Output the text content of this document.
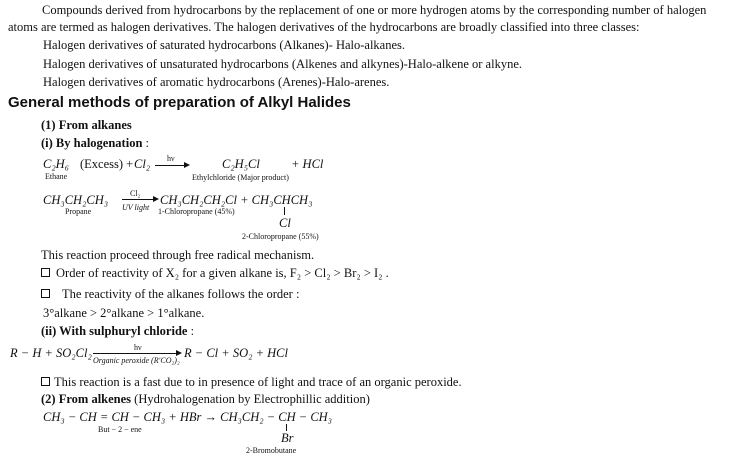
Compounds derived from hydrocarbons by the replacement of one or more hydrogen atoms by the corresponding number of halogen atoms are termed as halogen derivatives. The halogen derivatives of the hydrocarbons are broadly classified into three classes:
Halogen derivatives of saturated hydrocarbons (Alkanes)- Halo-alkanes.
Halogen derivatives of unsaturated hydrocarbons (Alkenes and alkynes)-Halo-alkene or alkyne.
Halogen derivatives of aromatic hydrocarbons (Arenes)-Halo-arenes.
General methods of preparation of Alkyl Halides
(1) From alkanes
(i) By halogenation :
C₂H₆ (Excess) + Cl₂ hν	C₂H₅Cl + HCl
Ethane	Ethylchloride (Major product)
CH₃CH₂CH₃	Cl₂
UV light
CH₃CH₂CH₂Cl + CH₃CHCH₃
Propane	1-Chloropropane (45%)
Cl
2-Chloropropane (55%)
This reaction proceed through free radical mechanism.
Order of reactivity of X₂ for a given alkane is, F₂ > Cl₂ > Br₂ > I₂ .
The reactivity of the alkanes follows the order :
3°alkane > 2°alkane > 1°alkane.
(ii) With sulphuryl chloride :
R − H + SO₂Cl₂	hν
Organic peroxide (R′CO₂)₂
R − Cl + SO₂ + HCl
This reaction is a fast due to in presence of light and trace of an organic peroxide.
(2) From alkenes (Hydrohalogenation by Electrophillic addition)
CH₃ − CH = CH − CH₃ + HBr → CH₃CH₂ − CH − CH₃
But − 2 − ene
Br
2-Bromobutane
